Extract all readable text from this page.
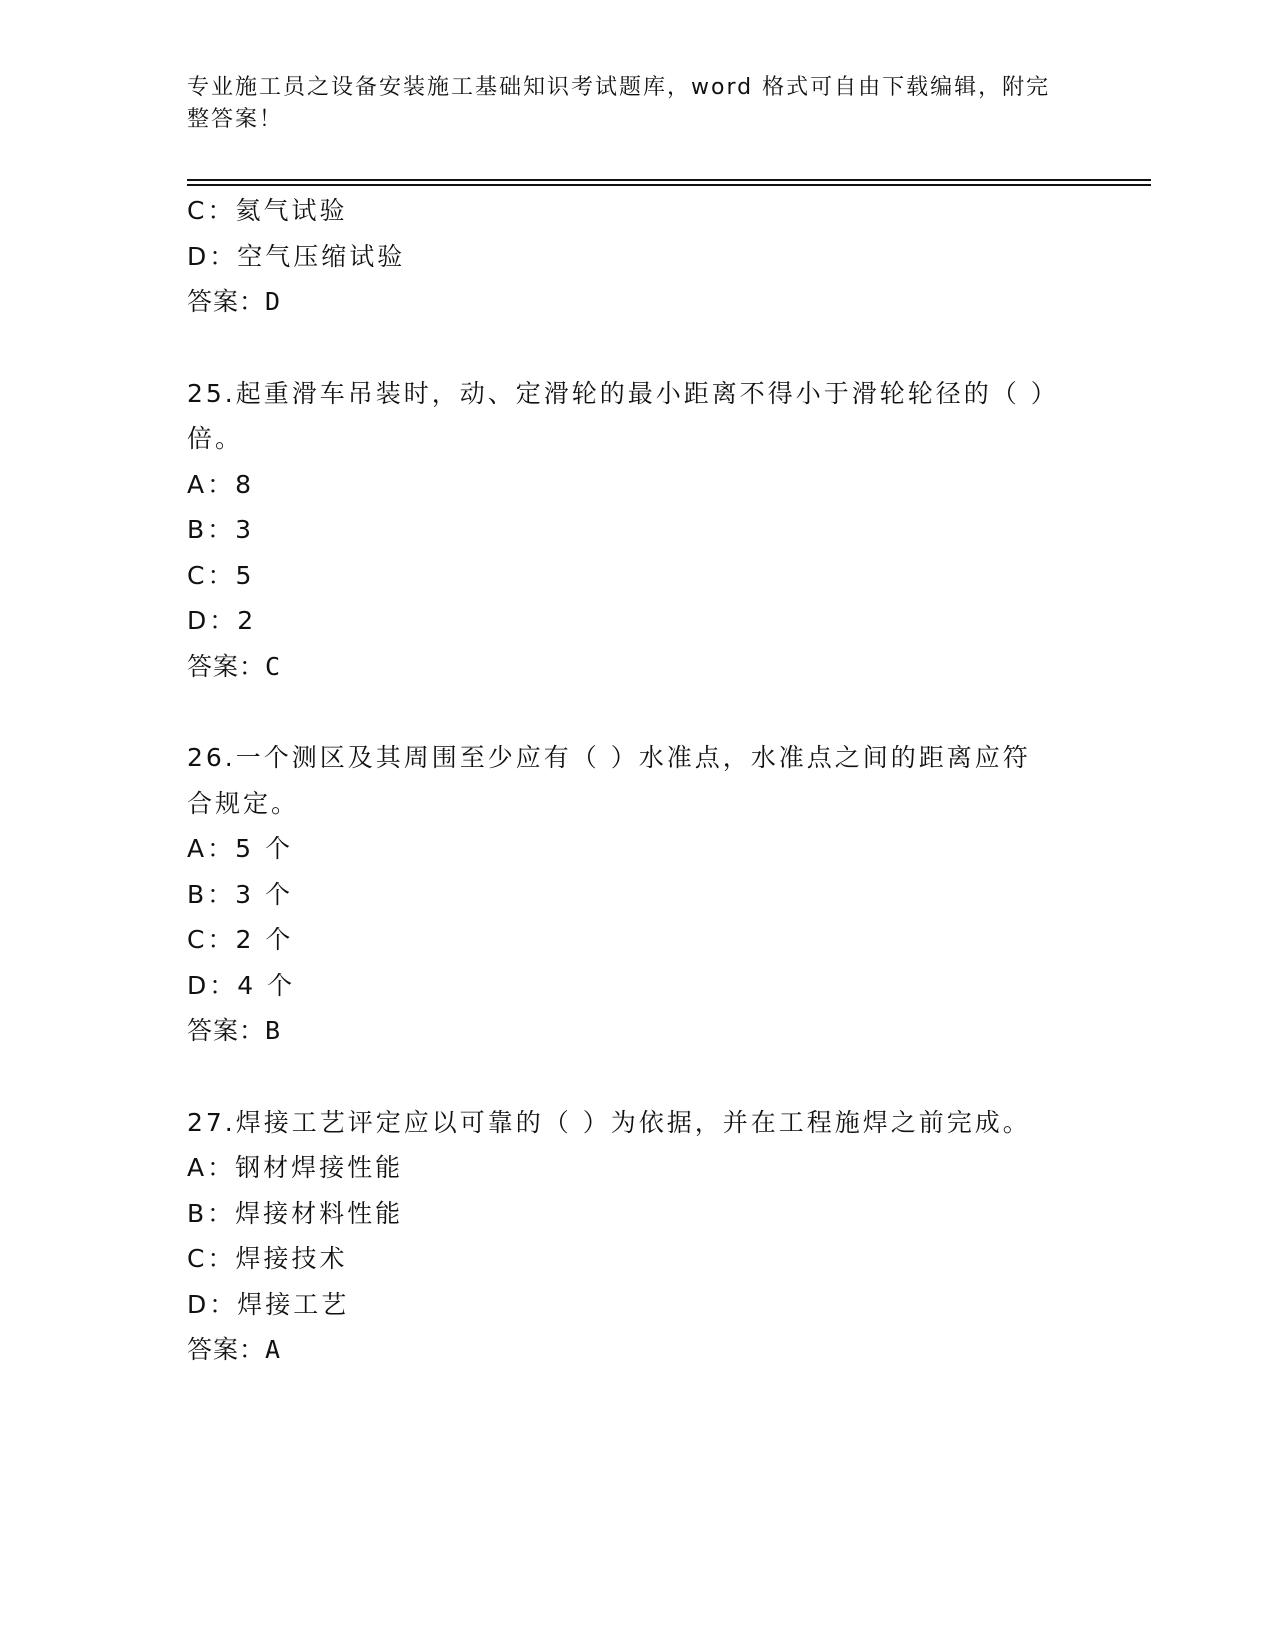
专业施工员之设备安装施工基础知识考试题库，word 格式可自由下载编辑，附完整答案！
C：氦气试验
D：空气压缩试验
答案：D
25.起重滑车吊装时，动、定滑轮的最小距离不得小于滑轮轮径的（ ）倍。
A：8
B：3
C：5
D：2
答案：C
26.一个测区及其周围至少应有（ ）水准点，水准点之间的距离应符合规定。
A：5 个
B：3 个
C：2 个
D：4 个
答案：B
27.焊接工艺评定应以可靠的（ ）为依据，并在工程施焊之前完成。
A：钢材焊接性能
B：焊接材料性能
C：焊接技术
D：焊接工艺
答案：A
